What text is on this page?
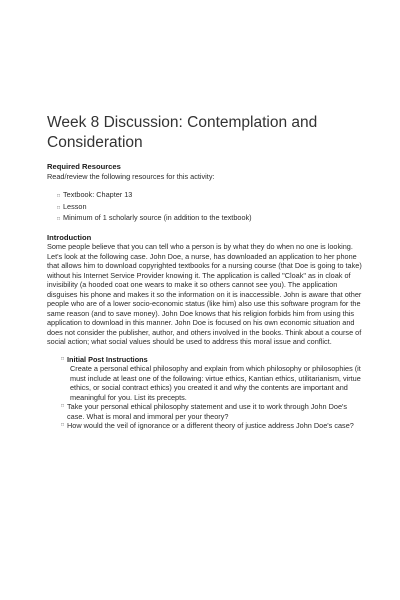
Week 8 Discussion: Contemplation and Consideration

Required Resources

Read/review the following resources for this activity:

□ Textbook: Chapter 13
□ Lesson
□ Minimum of 1 scholarly source (in addition to the textbook)

Introduction

Some people believe that you can tell who a person is by what they do when no one is looking. Let's look at the following case. John Doe, a nurse, has downloaded an application to her phone that allows him to download copyrighted textbooks for a nursing course (that Doe is going to take) without his Internet Service Provider knowing it. The application is called "Cloak" as in cloak of invisibility (a hooded coat one wears to make it so others cannot see you). The application disguises his phone and makes it so the information on it is inaccessible. John is aware that other people who are of a lower socio-economic status (like him) also use this software program for the same reason (and to save money). John Doe knows that his religion forbids him from using this application to download in this manner. John Doe is focused on his own economic situation and does not consider the publisher, author, and others involved in the books. Think about a course of social action; what social values should be used to address this moral issue and conflict.

□ Initial Post Instructions
Create a personal ethical philosophy and explain from which philosophy or philosophies (it must include at least one of the following: virtue ethics, Kantian ethics, utilitarianism, virtue ethics, or social contract ethics) you created it and why the contents are important and meaningful for you. List its precepts.
□ Take your personal ethical philosophy statement and use it to work through John Doe's case. What is moral and immoral per your theory?
□ How would the veil of ignorance or a different theory of justice address John Doe's case?
